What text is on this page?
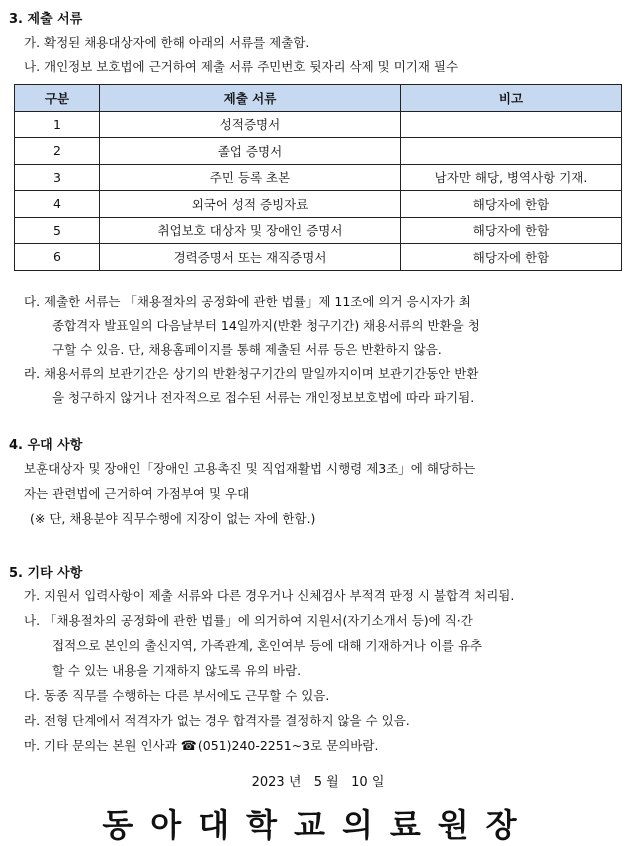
3. 제출 서류
가. 확정된 채용대상자에 한해 아래의 서류를 제출함.
나. 개인정보 보호법에 근거하여 제출 서류 주민번호 뒷자리 삭제 및 미기재 필수
구분	제출 서류	비고
1	성적증명서	
2	졸업 증명서	
3	주민 등록 초본	남자만 해당, 병역사항 기재.
4	외국어 성적 증빙자료	해당자에 한함
5	취업보호 대상자 및 장애인 증명서	해당자에 한함
6	경력증명서 또는 재직증명서	해당자에 한함
다. 제출한 서류는 「채용절차의 공정화에 관한 법률」제 11조에 의거 응시자가 최
종합격자 발표일의 다음날부터 14일까지(반환 청구기간) 채용서류의 반환을 청
구할 수 있음. 단, 채용홈페이지를 통해 제출된 서류 등은 반환하지 않음.
라. 채용서류의 보관기간은 상기의 반환청구기간의 말일까지이며 보관기간동안 반환
을 청구하지 않거나 전자적으로 접수된 서류는 개인정보보호법에 따라 파기됨.
4. 우대 사항
보훈대상자 및 장애인「장애인 고용촉진 및 직업재활법 시행령 제3조」에 해당하는
자는 관련법에 근거하여 가점부여 및 우대
(※ 단, 채용분야 직무수행에 지장이 없는 자에 한함.)
5. 기타 사항
가. 지원서 입력사항이 제출 서류와 다른 경우거나 신체검사 부적격 판정 시 불합격 처리됨.
나. 「채용절차의 공정화에 관한 법률」에 의거하여 지원서(자기소개서 등)에 직·간
접적으로 본인의 출신지역, 가족관계, 혼인여부 등에 대해 기재하거나 이를 유추
할 수 있는 내용을 기재하지 않도록 유의 바람.
다. 동종 직무를 수행하는 다른 부서에도 근무할 수 있음.
라. 전형 단계에서 적격자가 없는 경우 합격자를 결정하지 않을 수 있음.
마. 기타 문의는 본원 인사과 ☎(051)240-2251~3로 문의바람.
2023 년   5 월   10 일
동아대학교의료원장
